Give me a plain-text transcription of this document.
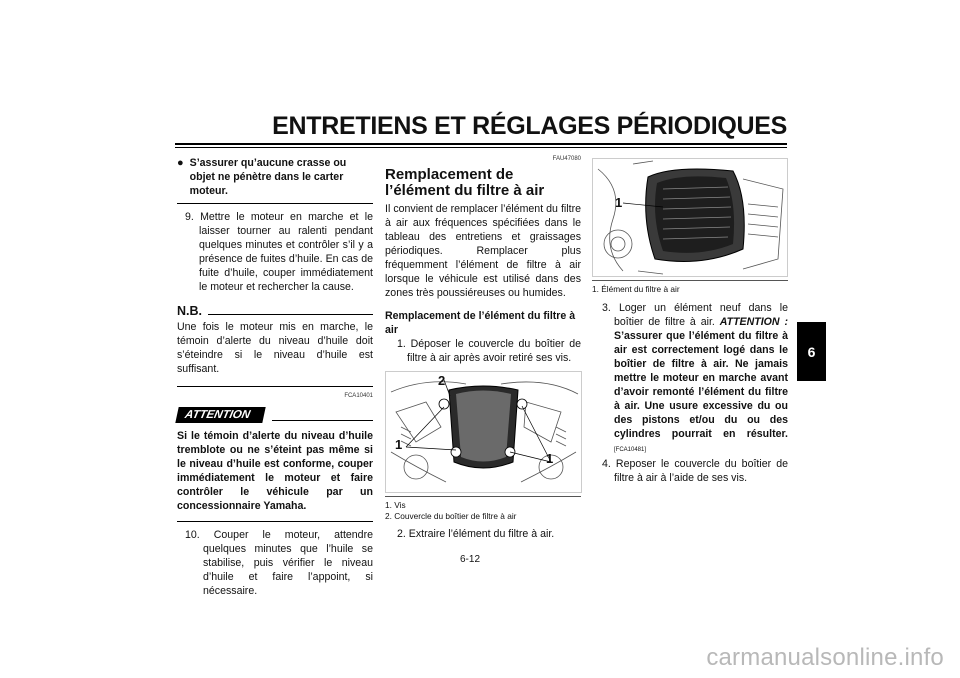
ENTRETIENS ET RÉGLAGES PÉRIODIQUES
6
● S’assurer qu’aucune crasse ou objet ne pénètre dans le carter moteur.
9. Mettre le moteur en marche et le laisser tourner au ralenti pendant quelques minutes et contrôler s’il y a présence de fuites d’huile. En cas de fuite d’huile, couper immédiatement le moteur et rechercher la cause.
N.B.
Une fois le moteur mis en marche, le témoin d’alerte du niveau d’huile doit s’éteindre si le niveau d’huile est suffisant.
FCA10401
ATTENTION
Si le témoin d’alerte du niveau d’huile tremblote ou ne s’éteint pas même si le niveau d’huile est conforme, couper immédiatement le moteur et faire contrôler le véhicule par un concessionnaire Yamaha.
10. Couper le moteur, attendre quelques minutes que l’huile se stabilise, puis vérifier le niveau d’huile et faire l’appoint, si nécessaire.
FAU47080
Remplacement de l’élément du filtre à air
Il convient de remplacer l’élément du filtre à air aux fréquences spécifiées dans le tableau des entretiens et graissages périodiques. Remplacer plus fréquemment l’élément de filtre à air lorsque le véhicule est utilisé dans des zones très poussiéreuses ou humides.
Remplacement de l’élément du filtre à air
1. Déposer le couvercle du boîtier de filtre à air après avoir retiré ses vis.
2
1
1
1. Vis
2. Couvercle du boîtier de filtre à air
2. Extraire l’élément du filtre à air.
1
1. Élément du filtre à air
3. Loger un élément neuf dans le boîtier de filtre à air. ATTENTION : S’assurer que l’élément du filtre à air est correctement logé dans le boîtier de filtre à air. Ne jamais mettre le moteur en marche avant d’avoir remonté l’élément du filtre à air. Une usure excessive du ou des pistons et/ou du ou des cylindres pourrait en résulter. [FCA10481]
4. Reposer le couvercle du boîtier de filtre à air à l’aide de ses vis.
6-12
carmanualsonline.info
